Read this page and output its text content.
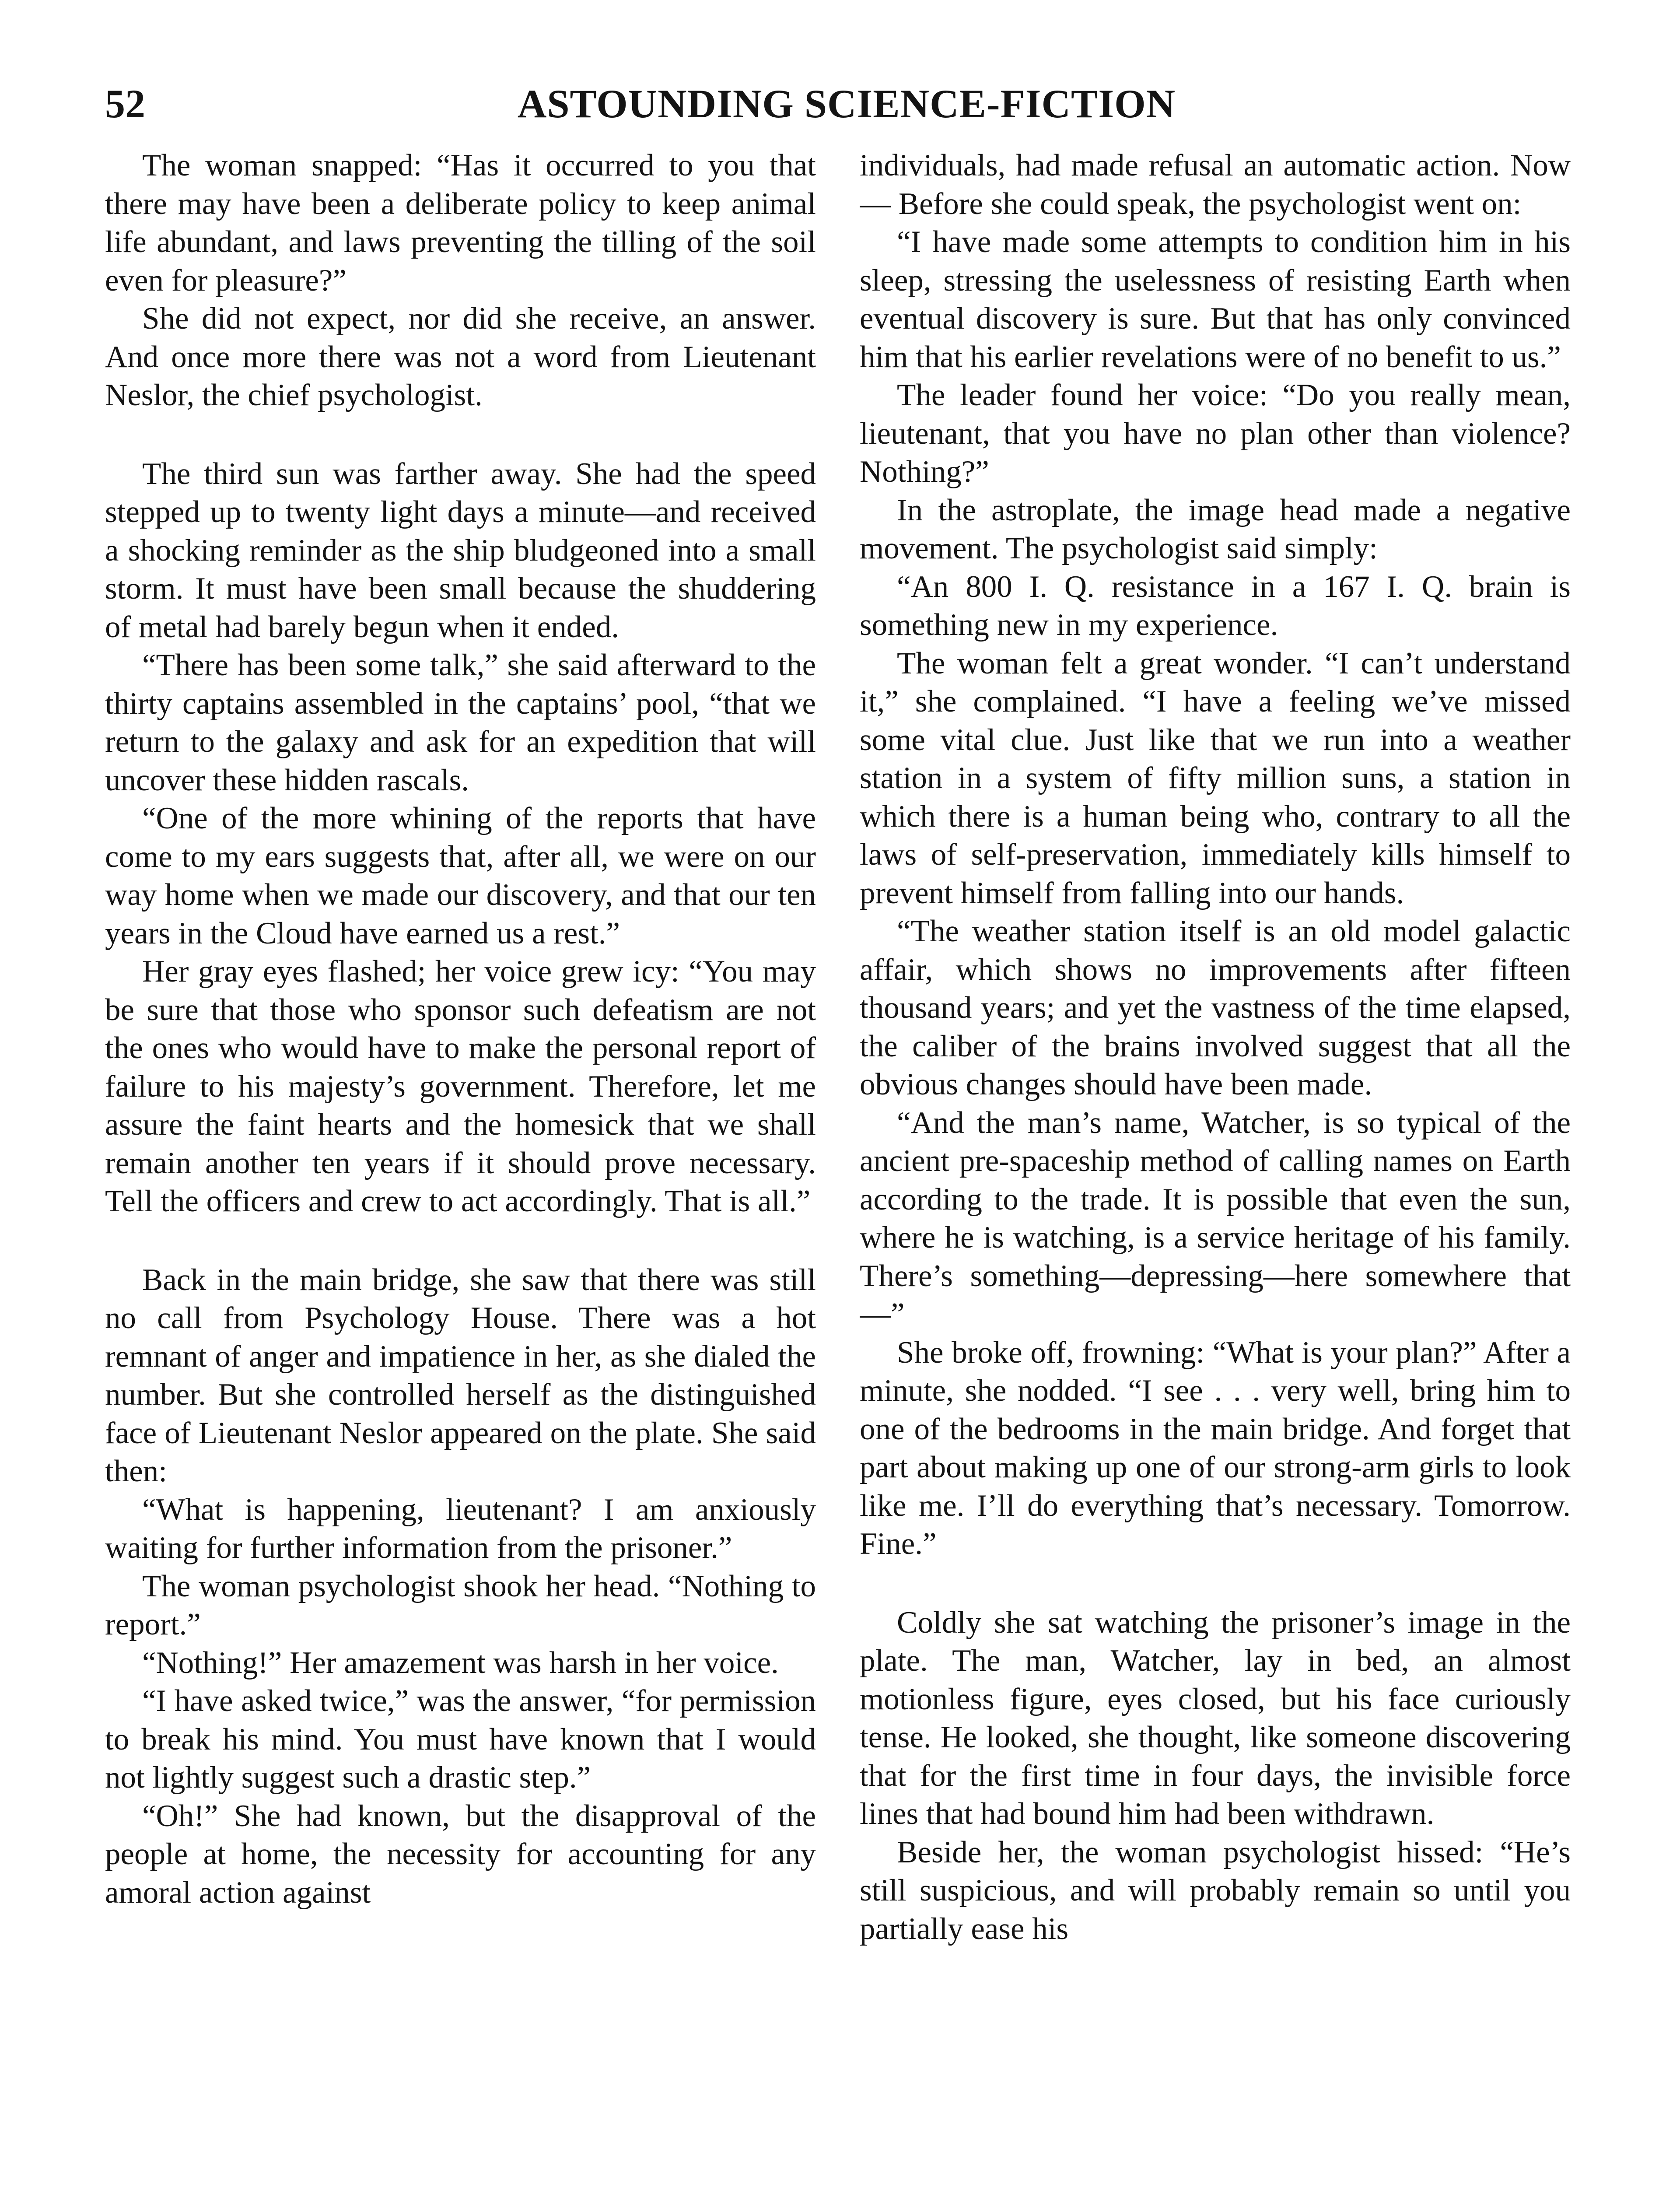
52	ASTOUNDING SCIENCE-FICTION

The woman snapped: “Has it occurred to you that there may have been a deliberate policy to keep animal life abundant, and laws preventing the tilling of the soil even for pleasure?”

She did not expect, nor did she receive, an answer. And once more there was not a word from Lieutenant Neslor, the chief psychologist.

The third sun was farther away. She had the speed stepped up to twenty light days a minute—and received a shocking reminder as the ship bludgeoned into a small storm. It must have been small because the shuddering of metal had barely begun when it ended.

“There has been some talk,” she said afterward to the thirty captains assembled in the captains’ pool, “that we return to the galaxy and ask for an expedition that will uncover these hidden rascals.

“One of the more whining of the reports that have come to my ears suggests that, after all, we were on our way home when we made our discovery, and that our ten years in the Cloud have earned us a rest.”

Her gray eyes flashed; her voice grew icy: “You may be sure that those who sponsor such defeatism are not the ones who would have to make the personal report of failure to his majesty’s government. Therefore, let me assure the faint hearts and the homesick that we shall remain another ten years if it should prove necessary. Tell the officers and crew to act accordingly. That is all.”

Back in the main bridge, she saw that there was still no call from Psychology House. There was a hot remnant of anger and impatience in her, as she dialed the number. But she controlled herself as the distinguished face of Lieutenant Neslor appeared on the plate. She said then:

“What is happening, lieutenant? I am anxiously waiting for further information from the prisoner.”

The woman psychologist shook her head. “Nothing to report.”

“Nothing!” Her amazement was harsh in her voice.

“I have asked twice,” was the answer, “for permission to break his mind. You must have known that I would not lightly suggest such a drastic step.”

“Oh!” She had known, but the disapproval of the people at home, the necessity for accounting for any amoral action against

individuals, had made refusal an automatic action. Now— Before she could speak, the psychologist went on:

“I have made some attempts to condition him in his sleep, stressing the uselessness of resisting Earth when eventual discovery is sure. But that has only convinced him that his earlier revelations were of no benefit to us.”

The leader found her voice: “Do you really mean, lieutenant, that you have no plan other than violence? Nothing?”

In the astroplate, the image head made a negative movement. The psychologist said simply:

“An 800 I. Q. resistance in a 167 I. Q. brain is something new in my experience.

The woman felt a great wonder. “I can’t understand it,” she complained. “I have a feeling we’ve missed some vital clue. Just like that we run into a weather station in a system of fifty million suns, a station in which there is a human being who, contrary to all the laws of self-preservation, immediately kills himself to prevent himself from falling into our hands.

“The weather station itself is an old model galactic affair, which shows no improvements after fifteen thousand years; and yet the vastness of the time elapsed, the caliber of the brains involved suggest that all the obvious changes should have been made.

“And the man’s name, Watcher, is so typical of the ancient pre-spaceship method of calling names on Earth according to the trade. It is possible that even the sun, where he is watching, is a service heritage of his family. There’s something—depressing—here somewhere that—”

She broke off, frowning: “What is your plan?” After a minute, she nodded. “I see . . . very well, bring him to one of the bedrooms in the main bridge. And forget that part about making up one of our strong-arm girls to look like me. I’ll do everything that’s necessary. Tomorrow. Fine.”

Coldly she sat watching the prisoner’s image in the plate. The man, Watcher, lay in bed, an almost motionless figure, eyes closed, but his face curiously tense. He looked, she thought, like someone discovering that for the first time in four days, the invisible force lines that had bound him had been withdrawn.

Beside her, the woman psychologist hissed: “He’s still suspicious, and will probably remain so until you partially ease his
